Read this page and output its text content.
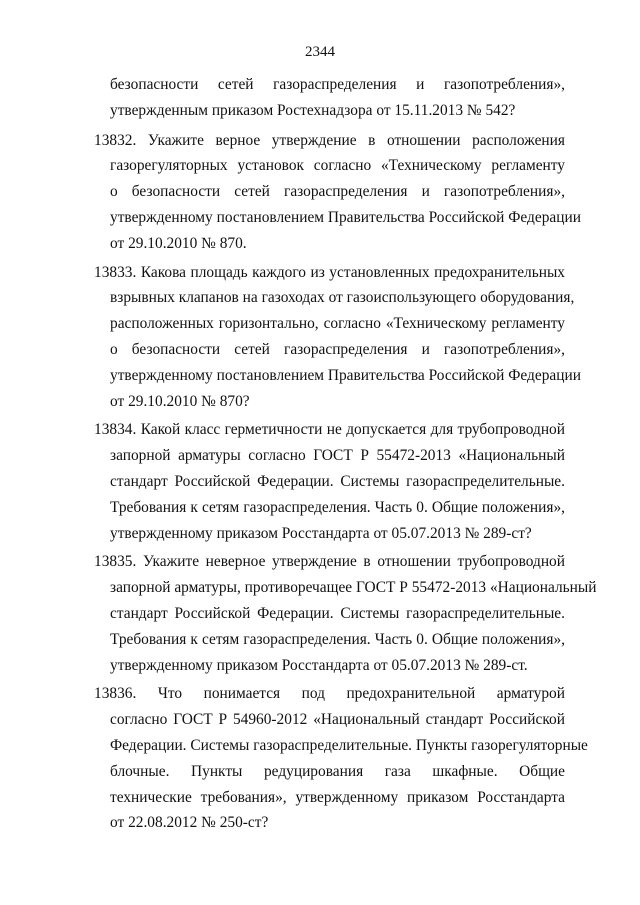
2344
безопасности сетей газораспределения и газопотребления»,
утвержденным приказом Ростехнадзора от 15.11.2013 № 542?
13832. Укажите верное утверждение в отношении расположения
газорегуляторных установок согласно «Техническому регламенту
о безопасности сетей газораспределения и газопотребления»,
утвержденному постановлением Правительства Российской Федерации
от 29.10.2010 № 870.
13833. Какова площадь каждого из установленных предохранительных
взрывных клапанов на газоходах от газоиспользующего оборудования,
расположенных горизонтально, согласно «Техническому регламенту
о безопасности сетей газораспределения и газопотребления»,
утвержденному постановлением Правительства Российской Федерации
от 29.10.2010 № 870?
13834. Какой класс герметичности не допускается для трубопроводной
запорной арматуры согласно ГОСТ Р 55472-2013 «Национальный
стандарт Российской Федерации. Системы газораспределительные.
Требования к сетям газораспределения. Часть 0. Общие положения»,
утвержденному приказом Росстандарта от 05.07.2013 № 289-ст?
13835. Укажите неверное утверждение в отношении трубопроводной
запорной арматуры, противоречащее ГОСТ Р 55472-2013 «Национальный
стандарт Российской Федерации. Системы газораспределительные.
Требования к сетям газораспределения. Часть 0. Общие положения»,
утвержденному приказом Росстандарта от 05.07.2013 № 289-ст.
13836. Что понимается под предохранительной арматурой
согласно ГОСТ Р 54960-2012 «Национальный стандарт Российской
Федерации. Системы газораспределительные. Пункты газорегуляторные
блочные. Пункты редуцирования газа шкафные. Общие
технические требования», утвержденному приказом Росстандарта
от 22.08.2012 № 250-ст?
